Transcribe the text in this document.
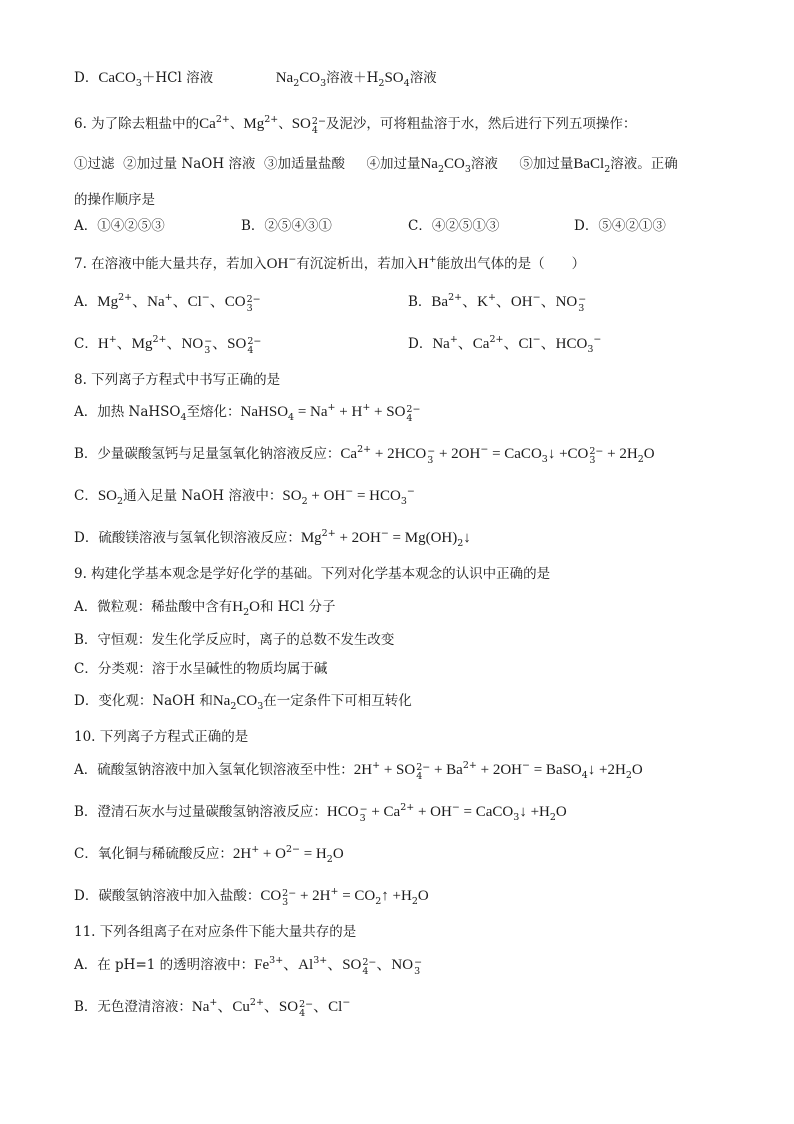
D．CaCO$_3$＋HCl 溶液	$Na_2CO_3$溶液$+H_2SO_4$溶液
6. 为了除去粗盐中的$Ca^{2+}$、$Mg^{2+}$、SO 2−
4 及泥沙，可将粗盐溶于水，然后进行下列五项操作：
①过滤 ②加过量 NaOH 溶液 ③加适量盐酸 ④加过量$Na_2CO_3$溶液 ⑤加过量BaCl$_2$溶液。正确
的操作顺序是
A．①④②⑤③	B．②⑤④③①	C．④②⑤①③	D．⑤④②①③
7. 在溶液中能大量共存，若加入OH−有沉淀析出，若加入H+能放出气体的是（　　）
A．$Mg^{2+}$、Na+、Cl−、CO 2−
3	B．$Ba^{2+}$、K+、OH−、NO −
3
C．H+、$Mg^{2+}$、NO −
3 、SO 2−
4	D．Na+、$Ca^{2+}$、Cl−、$HCO_3^-$
8. 下列离子方程式中书写正确的是
A．加热 NaHSO$_4$至熔化：NaHSO$_4$ = Na+ + H+ + SO 2−
4
B．少量碳酸氢钙与足量氢氧化钠溶液反应：$Ca^{2+} + 2HCO$ −
3 + 2OH− = CaCO$_3$↓ +CO 2−
$3 + 2H_2O$
C．$SO_2$通入足量 NaOH 溶液中：$SO_2 + OH^- = HCO_3^-$
D．硫酸镁溶液与氢氧化钡溶液反应：$Mg^{2+} + 2OH^-$ = $Mg(OH)_2↓$
9. 构建化学基本观念是学好化学的基础。下列对化学基本观念的认识中正确的是
A．微粒观：稀盐酸中含有$H_2O$和 HCl 分子
B．守恒观：发生化学反应时，离子的总数不发生改变
C．分类观：溶于水呈碱性的物质均属于碱
D．变化观：NaOH 和$Na_2CO_3$在一定条件下可相互转化
10. 下列离子方程式正确的是
A．硫酸氢钠溶液中加入氢氧化钡溶液至中性：2H+ + SO 2−
$4 + Ba^{2+} + 2OH^-$ = BaSO$_4$↓ $+2H_2O$
B．澄清石灰水与过量碳酸氢钠溶液反应：HCO −
$3 + Ca^{2+} + OH^-$ = CaCO$_3$↓ $+H_2O$
C．氧化铜与稀硫酸反应：$2H^+ + O^{2-} = H_2O$
D．碳酸氢钠溶液中加入盐酸：CO 2−
$3 + 2H^+ = CO_2↑ +H_2O$
11. 下列各组离子在对应条件下能大量共存的是
A．在 pH=1 的透明溶液中：$Fe^{3+}$、$Al^{3+}$、SO 2−
4 、NO −
3
B．无色澄清溶液：Na+、$Cu^{2+}$、SO 2−
4 、Cl−
